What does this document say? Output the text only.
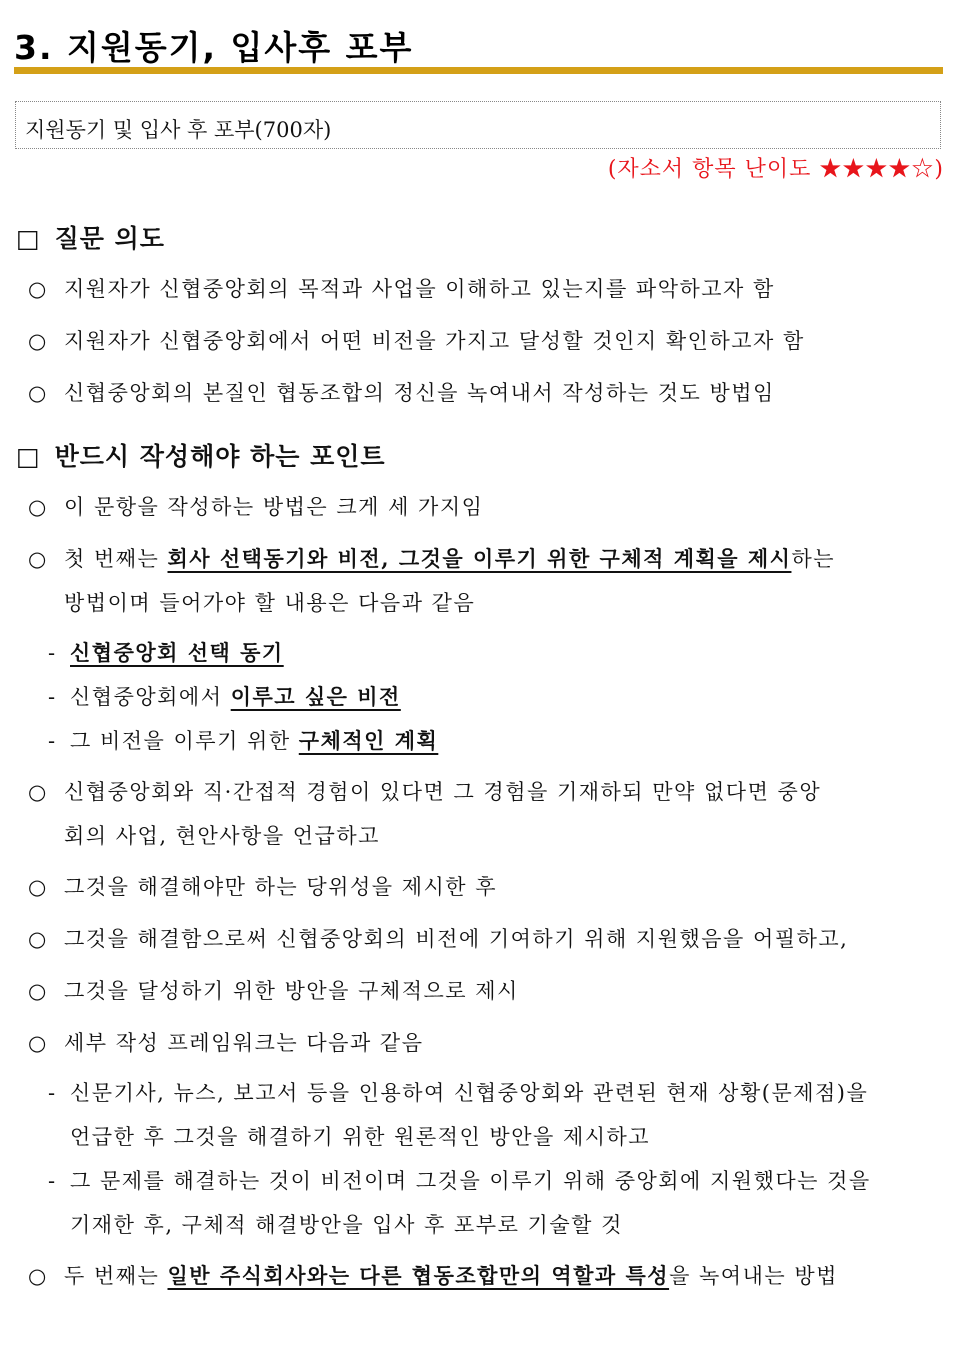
3. 지원동기, 입사후 포부
지원동기 및 입사 후 포부(700자)
(자소서 항목 난이도 ★★★★☆)
□ 질문 의도
○ 지원자가 신협중앙회의 목적과 사업을 이해하고 있는지를 파악하고자 함
○ 지원자가 신협중앙회에서 어떤 비전을 가지고 달성할 것인지 확인하고자 함
○ 신협중앙회의 본질인 협동조합의 정신을 녹여내서 작성하는 것도 방법임
□ 반드시 작성해야 하는 포인트
○ 이 문항을 작성하는 방법은 크게 세 가지임
○ 첫 번째는 회사 선택동기와 비전, 그것을 이루기 위한 구체적 계획을 제시하는
방법이며 들어가야 할 내용은 다음과 같음
- 신협중앙회 선택 동기
- 신협중앙회에서 이루고 싶은 비전
- 그 비전을 이루기 위한 구체적인 계획
○ 신협중앙회와 직·간접적 경험이 있다면 그 경험을 기재하되 만약 없다면 중앙
회의 사업, 현안사항을 언급하고
○ 그것을 해결해야만 하는 당위성을 제시한 후
○ 그것을 해결함으로써 신협중앙회의 비전에 기여하기 위해 지원했음을 어필하고,
○ 그것을 달성하기 위한 방안을 구체적으로 제시
○ 세부 작성 프레임워크는 다음과 같음
- 신문기사, 뉴스, 보고서 등을 인용하여 신협중앙회와 관련된 현재 상황(문제점)을
언급한 후 그것을 해결하기 위한 원론적인 방안을 제시하고
- 그 문제를 해결하는 것이 비전이며 그것을 이루기 위해 중앙회에 지원했다는 것을
기재한 후, 구체적 해결방안을 입사 후 포부로 기술할 것
○ 두 번째는 일반 주식회사와는 다른 협동조합만의 역할과 특성을 녹여내는 방법
